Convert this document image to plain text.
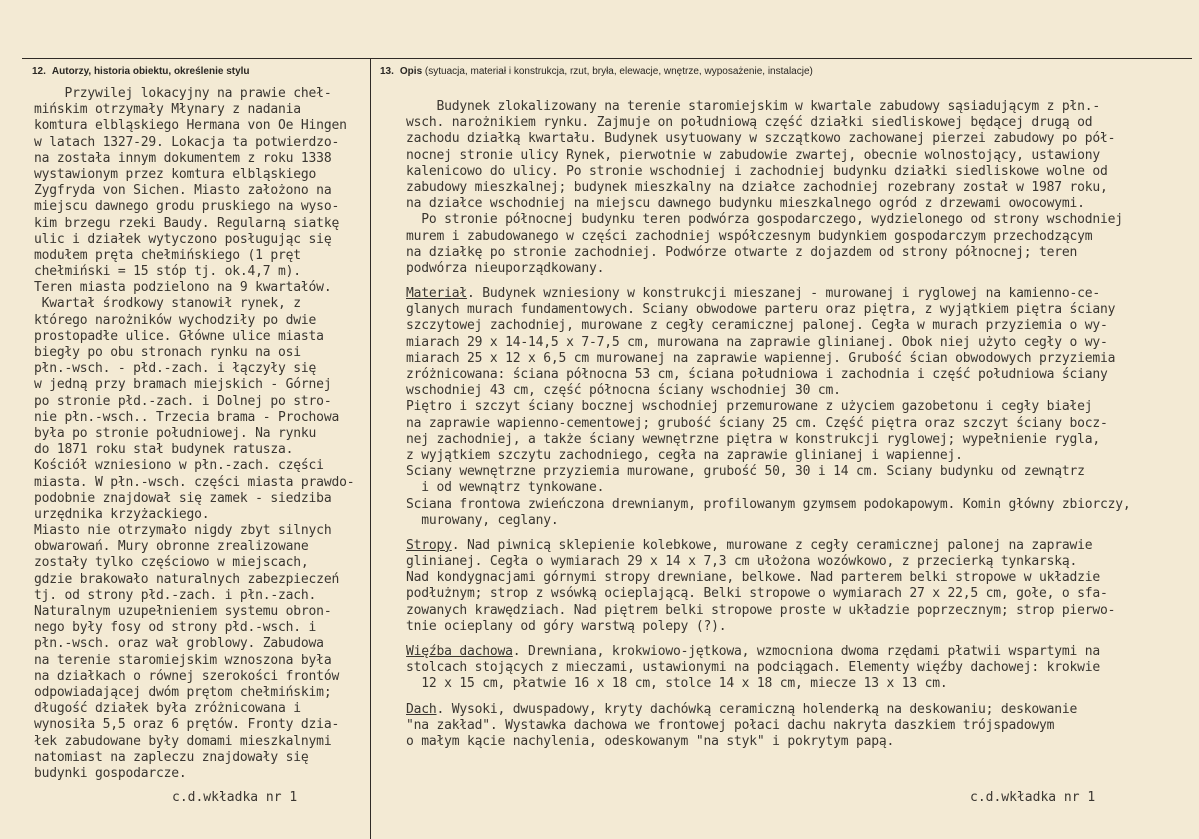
12. Autorzy, historia obiektu, określenie stylu	13. Opis (sytuacja, materiał i konstrukcja, rzut, bryła, elewacje, wnętrze, wyposażenie, instalacje)
Przywilej lokacyjny na prawie cheł-
mińskim otrzymały Młynary z nadania
komtura elbląskiego Hermana von Oe Hingen
w latach 1327-29. Lokacja ta potwierdzo-
na została innym dokumentem z roku 1338
wystawionym przez komtura elbląskiego
Zygfryda von Sichen. Miasto założono na
miejscu dawnego grodu pruskiego na wyso-
kim brzegu rzeki Baudy. Regularną siatkę
ulic i działek wytyczono posługując się
modułem pręta chełmińskiego (1 pręt
chełmiński = 15 stóp tj. ok.4,7 m).
Teren miasta podzielono na 9 kwartałów.
Kwartał środkowy stanowił rynek, z
którego narożników wychodziły po dwie
prostopadłe ulice. Główne ulice miasta
biegły po obu stronach rynku na osi
płn.-wsch. - płd.-zach. i łączyły się
w jedną przy bramach miejskich - Górnej
po stronie płd.-zach. i Dolnej po stro-
nie płn.-wsch.. Trzecia brama - Prochowa
była po stronie południowej. Na rynku
do 1871 roku stał budynek ratusza.
Kościół wzniesiono w płn.-zach. części
miasta. W płn.-wsch. części miasta prawdo-
podobnie znajdował się zamek - siedziba
urzędnika krzyżackiego.
Miasto nie otrzymało nigdy zbyt silnych
obwarowań. Mury obronne zrealizowane
zostały tylko częściowo w miejscach,
gdzie brakowało naturalnych zabezpieczeń
tj. od strony płd.-zach. i płn.-zach.
Naturalnym uzupełnieniem systemu obron-
nego były fosy od strony płd.-wsch. i
płn.-wsch. oraz wał groblowy. Zabudowa
na terenie staromiejskim wznoszona była
na działkach o równej szerokości frontów
odpowiadającej dwóm prętom chełmińskim;
długość działek była zróżnicowana i
wynosiła 5,5 oraz 6 prętów. Fronty dzia-
łek zabudowane były domami mieszkalnymi
natomiast na zapleczu znajdowały się
budynki gospodarcze.
Budynek zlokalizowany na terenie staromiejskim w kwartale zabudowy sąsiadującym z płn.-
wsch. narożnikiem rynku. Zajmuje on południową część działki siedliskowej będącej drugą od
zachodu działką kwartału. Budynek usytuowany w szczątkowo zachowanej pierzei zabudowy po pół-
nocnej stronie ulicy Rynek, pierwotnie w zabudowie zwartej, obecnie wolnostojący, ustawiony
kalenicowo do ulicy. Po stronie wschodniej i zachodniej budynku działki siedliskowe wolne od
zabudowy mieszkalnej; budynek mieszkalny na działce zachodniej rozebrany został w 1987 roku,
na działce wschodniej na miejscu dawnego budynku mieszkalnego ogród z drzewami owocowymi.
Po stronie północnej budynku teren podwórza gospodarczego, wydzielonego od strony wschodniej
murem i zabudowanego w części zachodniej współczesnym budynkiem gospodarczym przechodzącym
na działkę po stronie zachodniej. Podwórze otwarte z dojazdem od strony północnej; teren
podwórza nieuporządkowany.
Materiał. Budynek wzniesiony w konstrukcji mieszanej - murowanej i ryglowej na kamienno-ce-
glanych murach fundamentowych. Ściany obwodowe parteru oraz piętra, z wyjątkiem piętra ściany
szczytowej zachodniej, murowane z cegły ceramicznej palonej. Cegła w murach przyziemia o wy-
miarach 29 x 14-14,5 x 7-7,5 cm, murowana na zaprawie glinianej. Obok niej użyto cegły o wy-
miarach 25 x 12 x 6,5 cm murowanej na zaprawie wapiennej. Grubość ścian obwodowych przyziemia
zróżnicowana: ściana północna 53 cm, ściana południowa i zachodnia i część południowa ściany
wschodniej 43 cm, część północna ściany wschodniej 30 cm.
Piętro i szczyt ściany bocznej wschodniej przemurowane z użyciem gazobetonu i cegły białej
na zaprawie wapienno-cementowej; grubość ściany 25 cm. Część piętra oraz szczyt ściany bocz-
nej zachodniej, a także ściany wewnętrzne piętra w konstrukcji ryglowej; wypełnienie rygla,
z wyjątkiem szczytu zachodniego, cegła na zaprawie glinianej i wapiennej.
Ściany wewnętrzne przyziemia murowane, grubość 50, 30 i 14 cm. Ściany budynku od zewnątrz
i od wewnątrz tynkowane.
Ściana frontowa zwieńczona drewnianym, profilowanym gzymsem podokapowym. Komin główny zbiorczy,
murowany, ceglany.
Stropy. Nad piwnicą sklepienie kolebkowe, murowane z cegły ceramicznej palonej na zaprawie
glinianej. Cegła o wymiarach 29 x 14 x 7,3 cm ułożona wozówkowo, z przecierką tynkarską.
Nad kondygnacjami górnymi stropy drewniane, belkowe. Nad parterem belki stropowe w układzie
podłużnym; strop z wsówką ocieplającą. Belki stropowe o wymiarach 27 x 22,5 cm, gołe, o sfa-
zowanych krawędziach. Nad piętrem belki stropowe proste w układzie poprzecznym; strop pierwo-
tnie ocieplany od góry warstwą polepy (?).
Więźba dachowa. Drewniana, krokwiowo-jętkowa, wzmocniona dwoma rzędami płatwii wspartymi na
stolcach stojących z mieczami, ustawionymi na podciągach. Elementy więźby dachowej: krokwie
12 x 15 cm, płatwie 16 x 18 cm, stolce 14 x 18 cm, miecze 13 x 13 cm.
Dach. Wysoki, dwuspadowy, kryty dachówką ceramiczną holenderką na deskowaniu; deskowanie
"na zakład". Wystawka dachowa we frontowej połaci dachu nakryta daszkiem trójspadowym
o małym kącie nachylenia, odeskowanym "na styk" i pokrytym papą.
c.d.wkładka nr 1	c.d.wkładka nr 1
